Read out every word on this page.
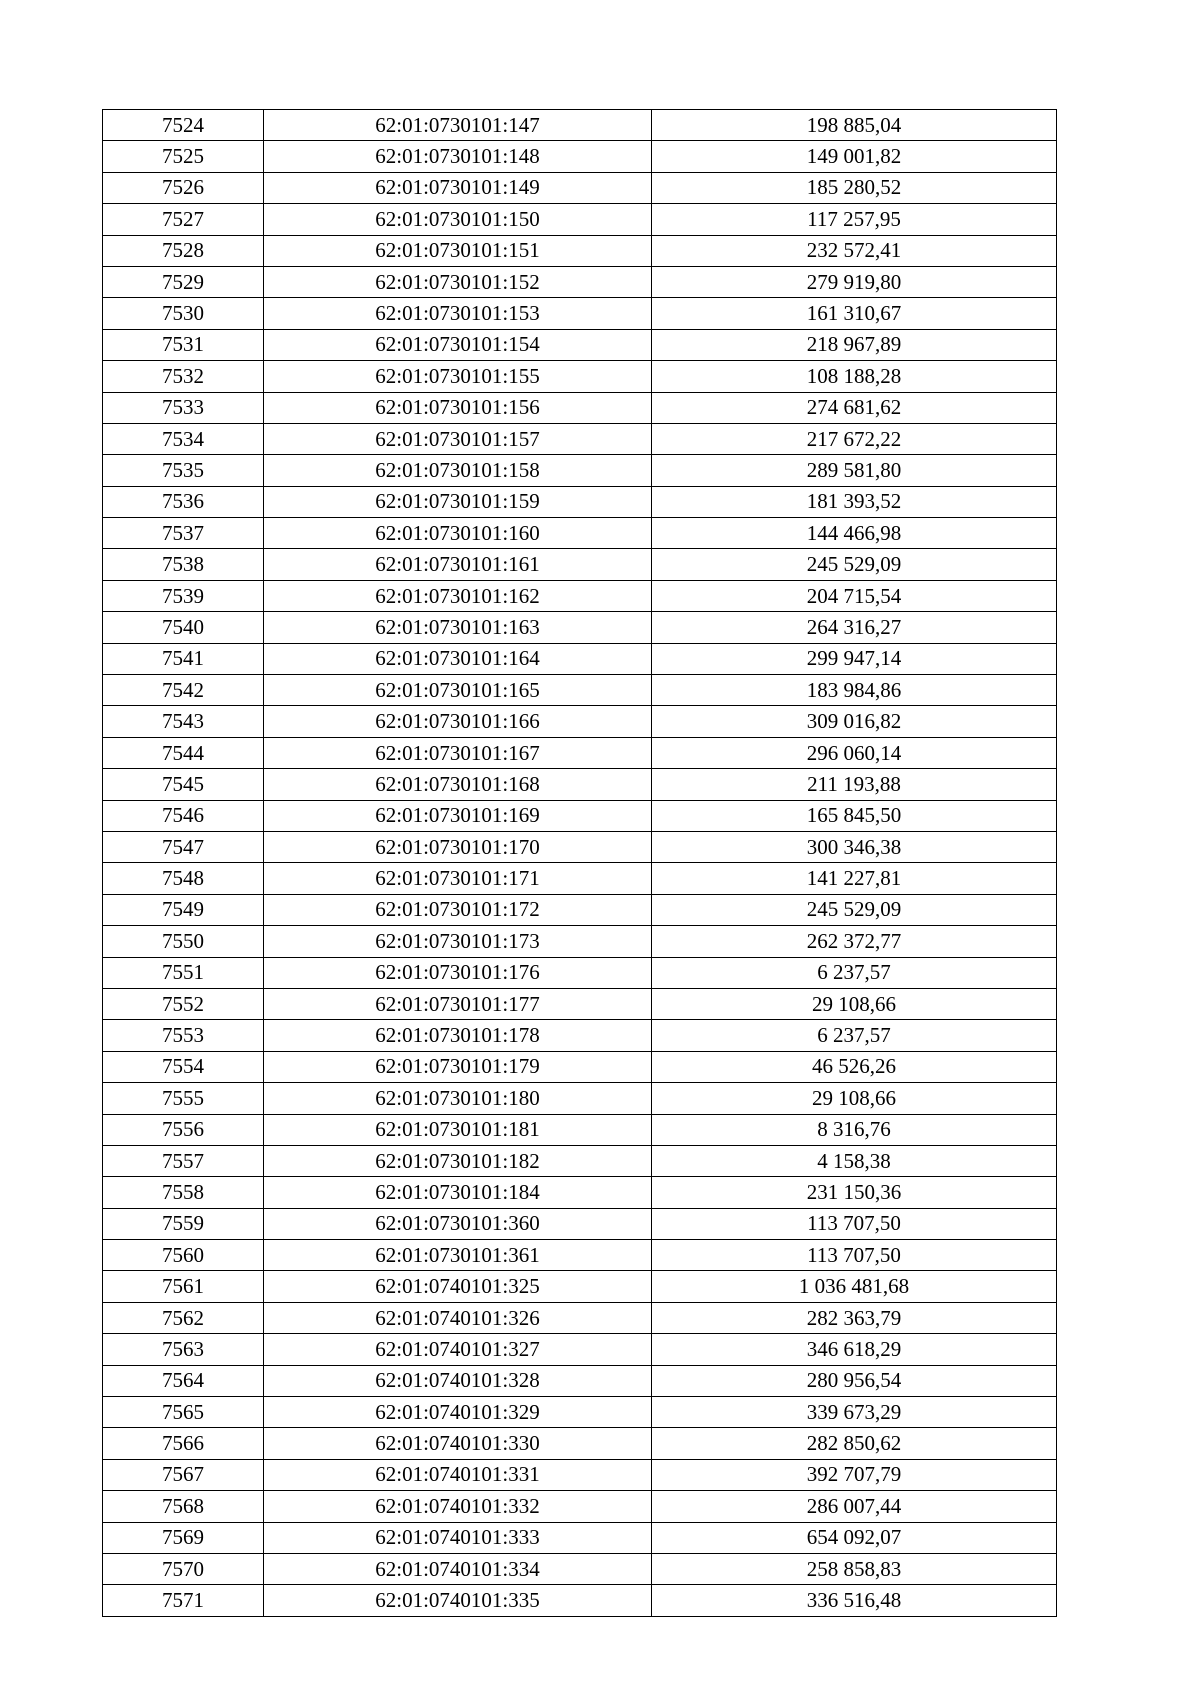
7524	62:01:0730101:147	198 885,04
7525	62:01:0730101:148	149 001,82
7526	62:01:0730101:149	185 280,52
7527	62:01:0730101:150	117 257,95
7528	62:01:0730101:151	232 572,41
7529	62:01:0730101:152	279 919,80
7530	62:01:0730101:153	161 310,67
7531	62:01:0730101:154	218 967,89
7532	62:01:0730101:155	108 188,28
7533	62:01:0730101:156	274 681,62
7534	62:01:0730101:157	217 672,22
7535	62:01:0730101:158	289 581,80
7536	62:01:0730101:159	181 393,52
7537	62:01:0730101:160	144 466,98
7538	62:01:0730101:161	245 529,09
7539	62:01:0730101:162	204 715,54
7540	62:01:0730101:163	264 316,27
7541	62:01:0730101:164	299 947,14
7542	62:01:0730101:165	183 984,86
7543	62:01:0730101:166	309 016,82
7544	62:01:0730101:167	296 060,14
7545	62:01:0730101:168	211 193,88
7546	62:01:0730101:169	165 845,50
7547	62:01:0730101:170	300 346,38
7548	62:01:0730101:171	141 227,81
7549	62:01:0730101:172	245 529,09
7550	62:01:0730101:173	262 372,77
7551	62:01:0730101:176	6 237,57
7552	62:01:0730101:177	29 108,66
7553	62:01:0730101:178	6 237,57
7554	62:01:0730101:179	46 526,26
7555	62:01:0730101:180	29 108,66
7556	62:01:0730101:181	8 316,76
7557	62:01:0730101:182	4 158,38
7558	62:01:0730101:184	231 150,36
7559	62:01:0730101:360	113 707,50
7560	62:01:0730101:361	113 707,50
7561	62:01:0740101:325	1 036 481,68
7562	62:01:0740101:326	282 363,79
7563	62:01:0740101:327	346 618,29
7564	62:01:0740101:328	280 956,54
7565	62:01:0740101:329	339 673,29
7566	62:01:0740101:330	282 850,62
7567	62:01:0740101:331	392 707,79
7568	62:01:0740101:332	286 007,44
7569	62:01:0740101:333	654 092,07
7570	62:01:0740101:334	258 858,83
7571	62:01:0740101:335	336 516,48
